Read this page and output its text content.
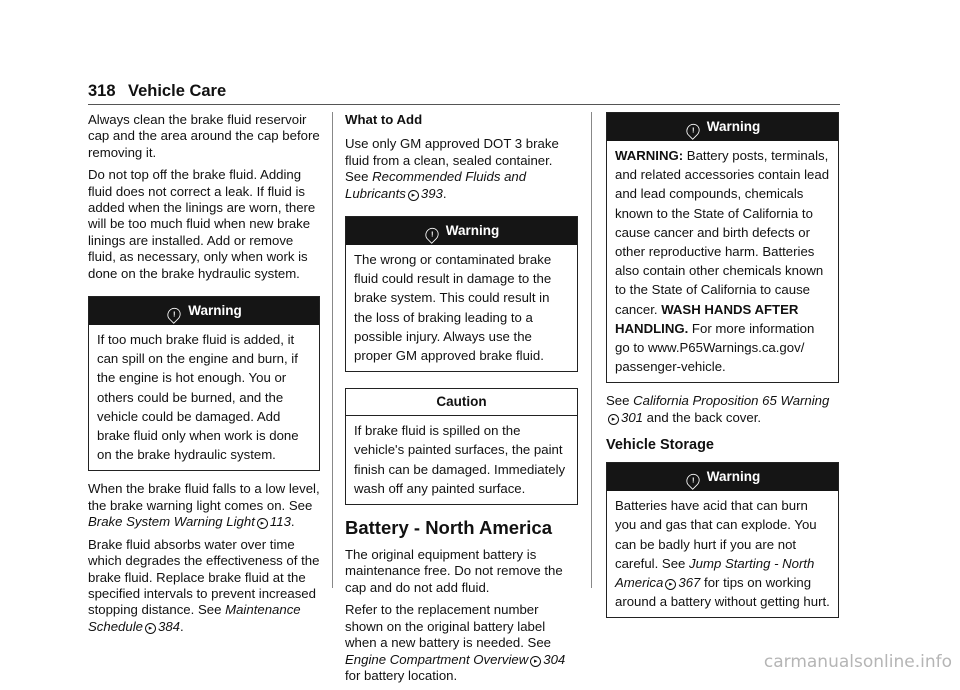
318 Vehicle Care

Always clean the brake fluid reservoir cap and the area around the cap before removing it.

Do not top off the brake fluid. Adding fluid does not correct a leak. If fluid is added when the linings are worn, there will be too much fluid when new brake linings are installed. Add or remove fluid, as necessary, only when work is done on the brake hydraulic system.

! Warning
If too much brake fluid is added, it can spill on the engine and burn, if the engine is hot enough. You or others could be burned, and the vehicle could be damaged. Add brake fluid only when work is done on the brake hydraulic system.

When the brake fluid falls to a low level, the brake warning light comes on. See Brake System Warning Light ▸ 113.

Brake fluid absorbs water over time which degrades the effectiveness of the brake fluid. Replace brake fluid at the specified intervals to prevent increased stopping distance. See Maintenance Schedule ▸ 384.

What to Add

Use only GM approved DOT 3 brake fluid from a clean, sealed container. See Recommended Fluids and Lubricants ▸ 393.

! Warning
The wrong or contaminated brake fluid could result in damage to the brake system. This could result in the loss of braking leading to a possible injury. Always use the proper GM approved brake fluid.
Caution
If brake fluid is spilled on the vehicle's painted surfaces, the paint finish can be damaged. Immediately wash off any painted surface.
Battery - North America

The original equipment battery is maintenance free. Do not remove the cap and do not add fluid.

Refer to the replacement number shown on the original battery label when a new battery is needed. See Engine Compartment Overview ▸ 304 for battery location.

! Warning
WARNING: Battery posts, terminals, and related accessories contain lead and lead compounds, chemicals known to the State of California to cause cancer and birth defects or other reproductive harm. Batteries also contain other chemicals known to the State of California to cause cancer. WASH HANDS AFTER HANDLING. For more information go to www.P65Warnings.ca.gov/ passenger-vehicle.

See California Proposition 65 Warning▸301 and the back cover.

Vehicle Storage
! Warning
Batteries have acid that can burn you and gas that can explode. You can be badly hurt if you are not careful. See Jump Starting - North America ▸ 367 for tips on working around a battery without getting hurt.
carmanualsonline.info
